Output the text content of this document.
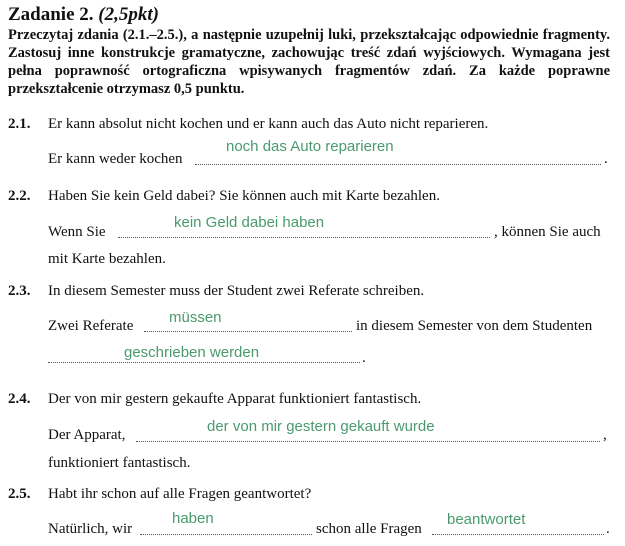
Zadanie 2. (2,5pkt)
Przeczytaj zdania (2.1.–2.5.), a następnie uzupełnij luki, przekształcając odpowiednie fragmenty. Zastosuj inne konstrukcje gramatyczne, zachowując treść zdań wyjściowych. Wymagana jest pełna poprawność ortograficzna wpisywanych fragmentów zdań. Za każde poprawne przekształcenie otrzymasz 0,5 punktu.
2.1. Er kann absolut nicht kochen und er kann auch das Auto nicht reparieren.
Er kann weder kochen
noch das Auto reparieren
.
2.2. Haben Sie kein Geld dabei? Sie können auch mit Karte bezahlen.
Wenn Sie
kein Geld dabei haben
, können Sie auch
mit Karte bezahlen.
2.3. In diesem Semester muss der Student zwei Referate schreiben.
Zwei Referate müssen	in diesem Semester von dem Studenten
geschrieben werden	.
2.4. Der von mir gestern gekaufte Apparat funktioniert fantastisch.
Der Apparat,	der von mir gestern gekauft wurde	,
funktioniert fantastisch.
2.5. Habt ihr schon auf alle Fragen geantwortet?
Natürlich, wir
haben
schon alle Fragen
beantwortet
.
